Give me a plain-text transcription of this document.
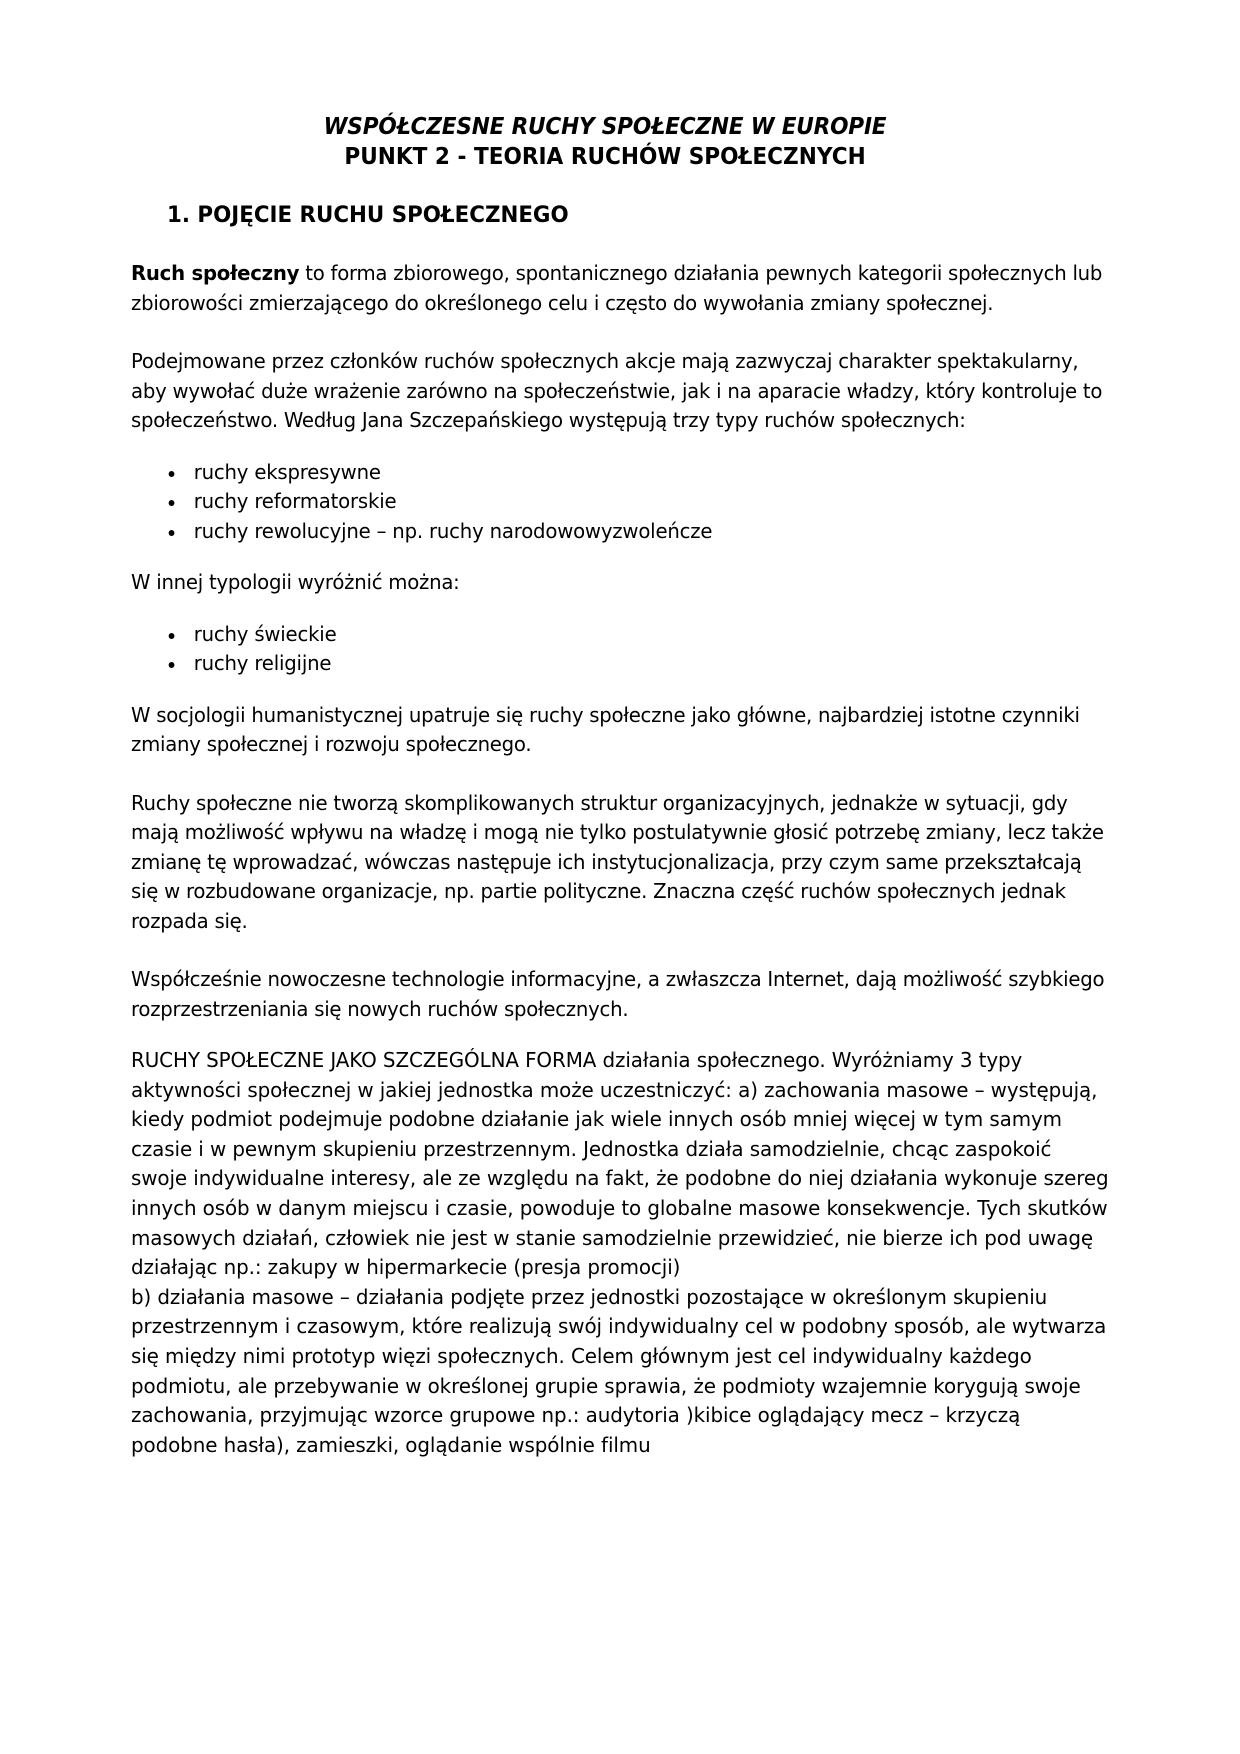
WSPÓŁCZESNE RUCHY SPOŁECZNE W EUROPIE
PUNKT 2 - TEORIA RUCHÓW SPOŁECZNYCH
1. POJĘCIE RUCHU SPOŁECZNEGO

Ruch społeczny to forma zbiorowego, spontanicznego działania pewnych kategorii społecznych lub zbiorowości zmierzającego do określonego celu i często do wywołania zmiany społecznej.

Podejmowane przez członków ruchów społecznych akcje mają zazwyczaj charakter spektakularny, aby wywołać duże wrażenie zarówno na społeczeństwie, jak i na aparacie władzy, który kontroluje to społeczeństwo. Według Jana Szczepańskiego występują trzy typy ruchów społecznych:

ruchy ekspresywne
ruchy reformatorskie
ruchy rewolucyjne – np. ruchy narodowowyzwoleńcze

W innej typologii wyróżnić można:

ruchy świeckie
ruchy religijne

W socjologii humanistycznej upatruje się ruchy społeczne jako główne, najbardziej istotne czynniki zmiany społecznej i rozwoju społecznego.

Ruchy społeczne nie tworzą skomplikowanych struktur organizacyjnych, jednakże w sytuacji, gdy mają możliwość wpływu na władzę i mogą nie tylko postulatywnie głosić potrzebę zmiany, lecz także zmianę tę wprowadzać, wówczas następuje ich instytucjonalizacja, przy czym same przekształcają się w rozbudowane organizacje, np. partie polityczne. Znaczna część ruchów społecznych jednak rozpada się.

Współcześnie nowoczesne technologie informacyjne, a zwłaszcza Internet, dają możliwość szybkiego rozprzestrzeniania się nowych ruchów społecznych.

RUCHY SPOŁECZNE JAKO SZCZEGÓLNA FORMA działania społecznego. Wyróżniamy 3 typy aktywności społecznej w jakiej jednostka może uczestniczyć: a) zachowania masowe – występują, kiedy podmiot podejmuje podobne działanie jak wiele innych osób mniej więcej w tym samym czasie i w pewnym skupieniu przestrzennym. Jednostka działa samodzielnie, chcąc zaspokoić swoje indywidualne interesy, ale ze względu na fakt, że podobne do niej działania wykonuje szereg innych osób w danym miejscu i czasie, powoduje to globalne masowe konsekwencje. Tych skutków masowych działań, człowiek nie jest w stanie samodzielnie przewidzieć, nie bierze ich pod uwagę działając np.: zakupy w hipermarkecie (presja promocji)

b) działania masowe – działania podjęte przez jednostki pozostające w określonym skupieniu przestrzennym i czasowym, które realizują swój indywidualny cel w podobny sposób, ale wytwarza się między nimi prototyp więzi społecznych. Celem głównym jest cel indywidualny każdego podmiotu, ale przebywanie w określonej grupie sprawia, że podmioty wzajemnie korygują swoje zachowania, przyjmując wzorce grupowe np.: audytoria )kibice oglądający mecz – krzyczą podobne hasła), zamieszki, oglądanie wspólnie filmu
